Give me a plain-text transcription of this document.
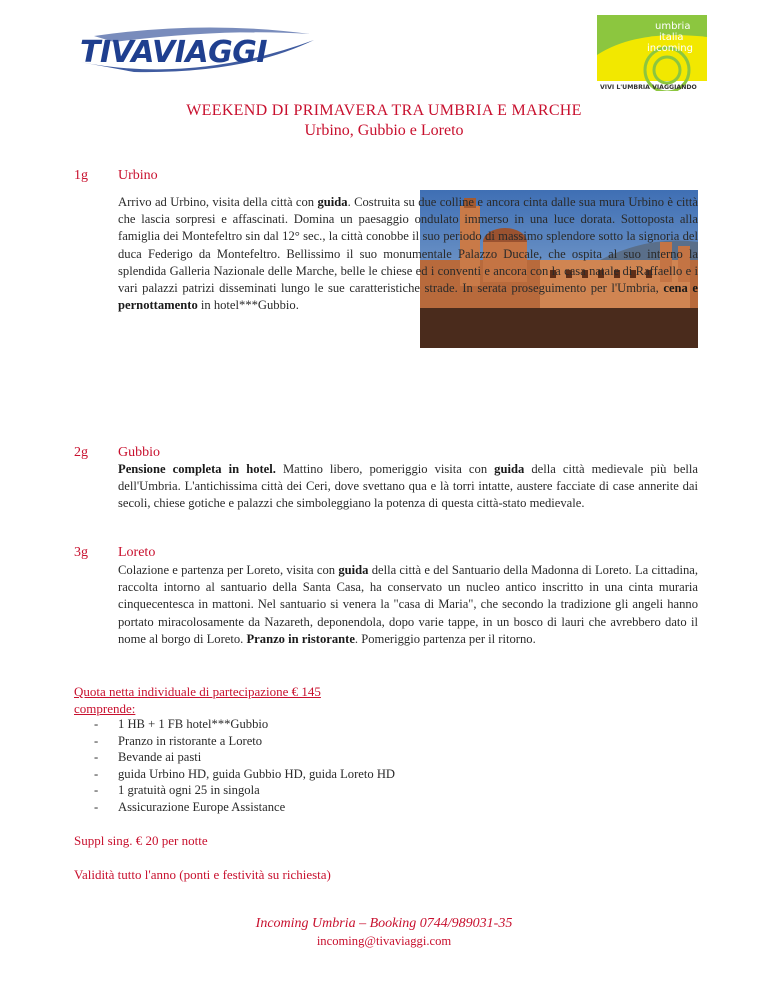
TIVAVIAGGI
umbria
italia
incoming
VIVI L'UMBRIA VIAGGIANDO
WEEKEND DI PRIMAVERA TRA UMBRIA E MARCHE
Urbino, Gubbio e Loreto
1g Urbino
Arrivo ad Urbino, visita della città con guida. Costruita su due colline e ancora cinta dalle sua mura Urbino è città che lascia sorpresi e affascinati. Domina un paesaggio ondulato immerso in una luce dorata. Sottoposta alla famiglia dei Montefeltro sin dal 12° sec., la città conobbe il suo periodo di massimo splendore sotto la signoria del duca Federigo da Montefeltro. Bellissimo il suo monumentale Palazzo Ducale, che ospita al suo interno la splendida Galleria Nazionale delle Marche, belle le chiese ed i conventi e ancora con la casa natale di Raffaello e i vari palazzi patrizi disseminati lungo le sue caratteristiche strade. In serata proseguimento per l'Umbria, cena e pernottamento in hotel***Gubbio.
2g Gubbio
Pensione completa in hotel. Mattino libero, pomeriggio visita con guida della città medievale più bella dell'Umbria. L'antichissima città dei Ceri, dove svettano qua e là torri intatte, austere facciate di case annerite dai secoli, chiese gotiche e palazzi che simboleggiano la potenza di questa città-stato medievale.
3g Loreto
Colazione e partenza per Loreto, visita con guida della città e del Santuario della Madonna di Loreto. La cittadina, raccolta intorno al santuario della Santa Casa, ha conservato un nucleo antico inscritto in una cinta muraria cinquecentesca in mattoni. Nel santuario si venera la "casa di Maria", che secondo la tradizione gli angeli hanno portato miracolosamente da Nazareth, deponendola, dopo varie tappe, in un bosco di lauri che avrebbero dato il nome al borgo di Loreto. Pranzo in ristorante. Pomeriggio partenza per il ritorno.
Quota netta individuale di partecipazione € 145
comprende:
- 1 HB + 1 FB hotel***Gubbio
- Pranzo in ristorante a Loreto
- Bevande ai pasti
- guida Urbino HD, guida Gubbio HD, guida Loreto HD
- 1 gratuità ogni 25 in singola
- Assicurazione Europe Assistance
Suppl sing. € 20 per notte
Validità tutto l'anno (ponti e festività su richiesta)
Incoming Umbria – Booking 0744/989031-35
incoming@tivaviaggi.com
